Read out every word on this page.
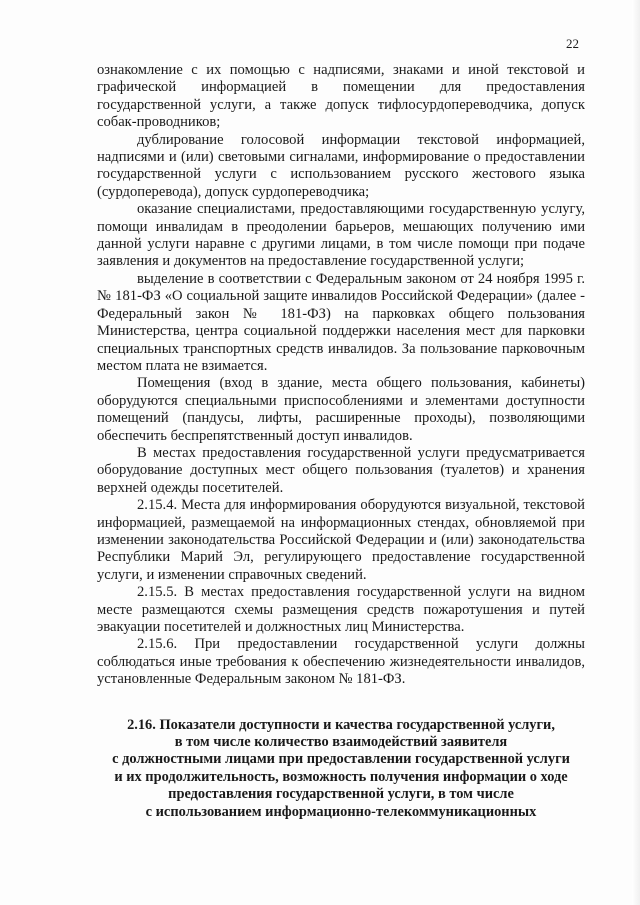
22

ознакомление с их помощью с надписями, знаками и иной текстовой и графической информацией в помещении для предоставления государственной услуги, а также допуск тифлосурдопереводчика, допуск собак-проводников;

дублирование голосовой информации текстовой информацией, надписями и (или) световыми сигналами, информирование о предоставлении государственной услуги с использованием русского жестового языка (сурдоперевода), допуск сурдопереводчика;

оказание специалистами, предоставляющими государственную услугу, помощи инвалидам в преодолении барьеров, мешающих получению ими данной услуги наравне с другими лицами, в том числе помощи при подаче заявления и документов на предоставление государственной услуги;

выделение в соответствии с Федеральным законом от 24 ноября 1995 г. № 181-ФЗ «О социальной защите инвалидов Российской Федерации» (далее - Федеральный закон № 181-ФЗ) на парковках общего пользования Министерства, центра социальной поддержки населения мест для парковки специальных транспортных средств инвалидов. За пользование парковочным местом плата не взимается.

Помещения (вход в здание, места общего пользования, кабинеты) оборудуются специальными приспособлениями и элементами доступности помещений (пандусы, лифты, расширенные проходы), позволяющими обеспечить беспрепятственный доступ инвалидов.

В местах предоставления государственной услуги предусматривается оборудование доступных мест общего пользования (туалетов) и хранения верхней одежды посетителей.

2.15.4. Места для информирования оборудуются визуальной, текстовой информацией, размещаемой на информационных стендах, обновляемой при изменении законодательства Российской Федерации и (или) законодательства Республики Марий Эл, регулирующего предоставление государственной услуги, и изменении справочных сведений.

2.15.5. В местах предоставления государственной услуги на видном месте размещаются схемы размещения средств пожаротушения и путей эвакуации посетителей и должностных лиц Министерства.

2.15.6. При предоставлении государственной услуги должны соблюдаться иные требования к обеспечению жизнедеятельности инвалидов, установленные Федеральным законом № 181-ФЗ.

2.16. Показатели доступности и качества государственной услуги,

в том числе количество взаимодействий заявителя

с должностными лицами при предоставлении государственной услуги

и их продолжительность, возможность получения информации о ходе

предоставления государственной услуги, в том числе

с использованием информационно-телекоммуникационных
